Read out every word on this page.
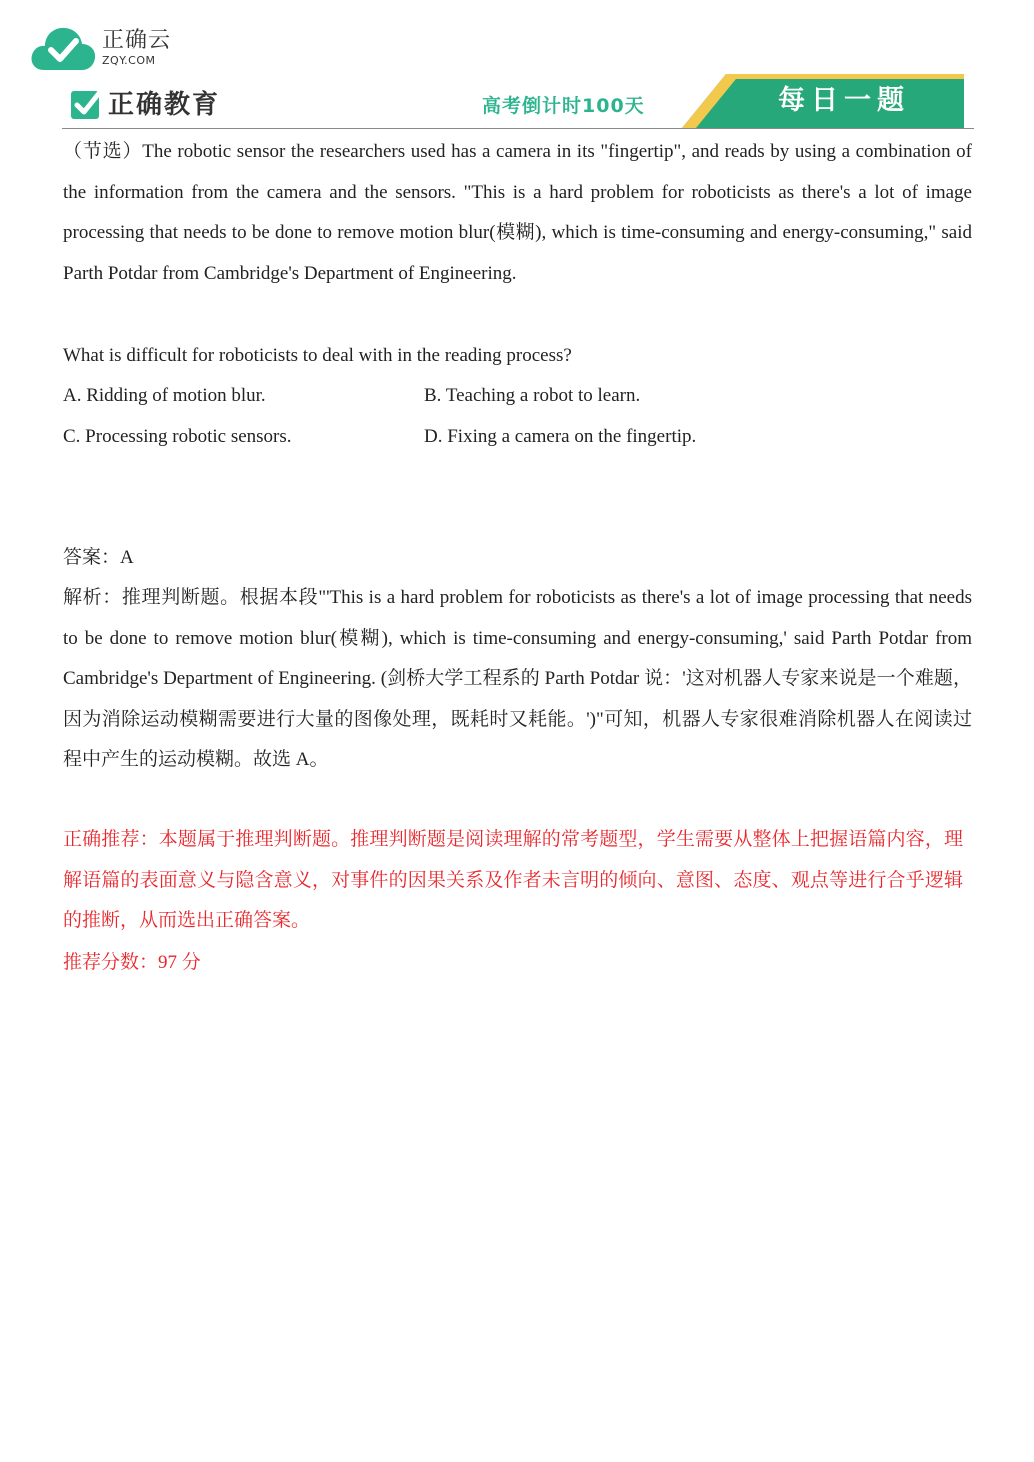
正确云
ZQY.COM
正确教育	高考倒计时100天	每日一题

（节选）The robotic sensor the researchers used has a camera in its "fingertip", and reads by using a combination of the information from the camera and the sensors. "This is a hard problem for roboticists as there's a lot of image processing that needs to be done to remove motion blur(模糊), which is time-consuming and energy-consuming," said Parth Potdar from Cambridge's Department of Engineering.

What is difficult for roboticists to deal with in the reading process?

A. Ridding of motion blur.	B. Teaching a robot to learn.
C. Processing robotic sensors.	D. Fixing a camera on the fingertip.

答案：A

解析：推理判断题。根据本段"'This is a hard problem for roboticists as there's a lot of image processing that needs to be done to remove motion blur(模糊), which is time-consuming and energy-consuming,' said Parth Potdar from Cambridge's Department of Engineering. (剑桥大学工程系的 Parth Potdar 说：'这对机器人专家来说是一个难题，因为消除运动模糊需要进行大量的图像处理，既耗时又耗能。')"可知，机器人专家很难消除机器人在阅读过程中产生的运动模糊。故选 A。

正确推荐：本题属于推理判断题。推理判断题是阅读理解的常考题型，学生需要从整体上把握语篇内容，理解语篇的表面意义与隐含意义，对事件的因果关系及作者未言明的倾向、意图、态度、观点等进行合乎逻辑的推断，从而选出正确答案。

推荐分数：97 分
